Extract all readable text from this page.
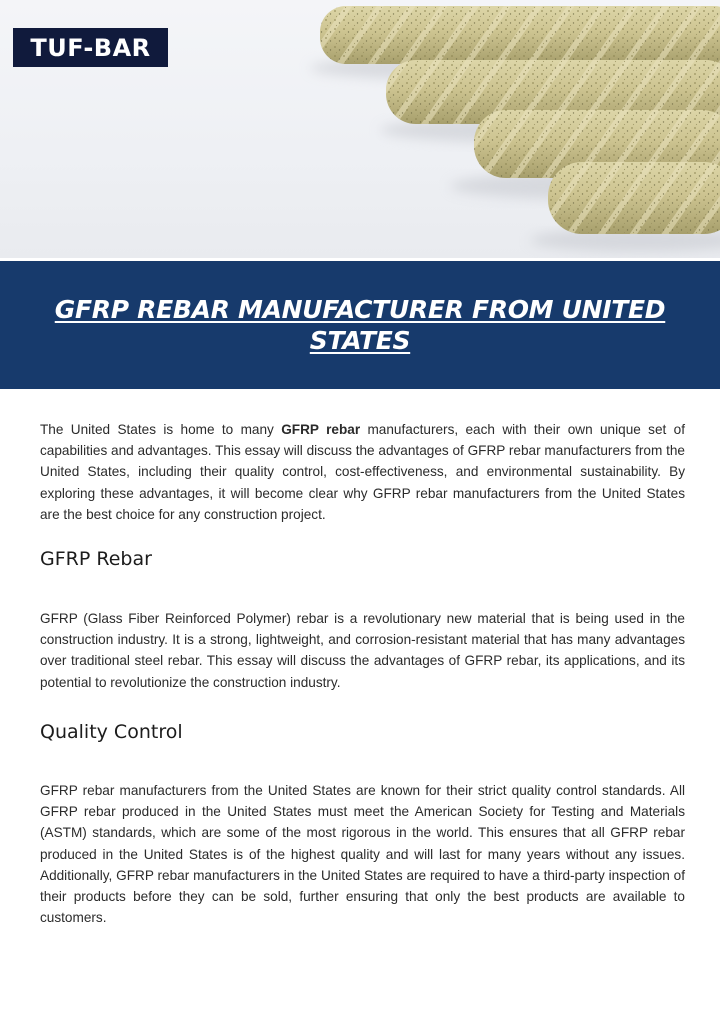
TUF-BAR
GFRP REBAR MANUFACTURER FROM UNITED STATES

The United States is home to many GFRP rebar manufacturers, each with their own unique set of capabilities and advantages. This essay will discuss the advantages of GFRP rebar manufacturers from the United States, including their quality control, cost-effectiveness, and environmental sustainability. By exploring these advantages, it will become clear why GFRP rebar manufacturers from the United States are the best choice for any construction project.

GFRP Rebar

GFRP (Glass Fiber Reinforced Polymer) rebar is a revolutionary new material that is being used in the construction industry. It is a strong, lightweight, and corrosion-resistant material that has many advantages over traditional steel rebar. This essay will discuss the advantages of GFRP rebar, its applications, and its potential to revolutionize the construction industry.

Quality Control

GFRP rebar manufacturers from the United States are known for their strict quality control standards. All GFRP rebar produced in the United States must meet the American Society for Testing and Materials (ASTM) standards, which are some of the most rigorous in the world. This ensures that all GFRP rebar produced in the United States is of the highest quality and will last for many years without any issues. Additionally, GFRP rebar manufacturers in the United States are required to have a third-party inspection of their products before they can be sold, further ensuring that only the best products are available to customers.
